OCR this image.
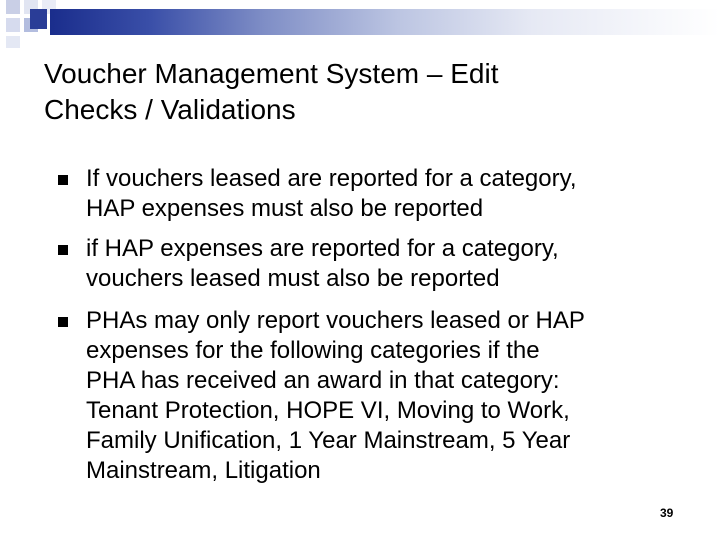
Voucher Management System – Edit
Checks / Validations
If vouchers leased are reported for a category,
HAP expenses must also be reported
if HAP expenses are reported for a category,
vouchers leased must also be reported
PHAs may only report vouchers leased or HAP
expenses for the following categories if the
PHA has received an award in that category:
Tenant Protection, HOPE VI, Moving to Work,
Family Unification, 1 Year Mainstream, 5 Year
Mainstream, Litigation
39
